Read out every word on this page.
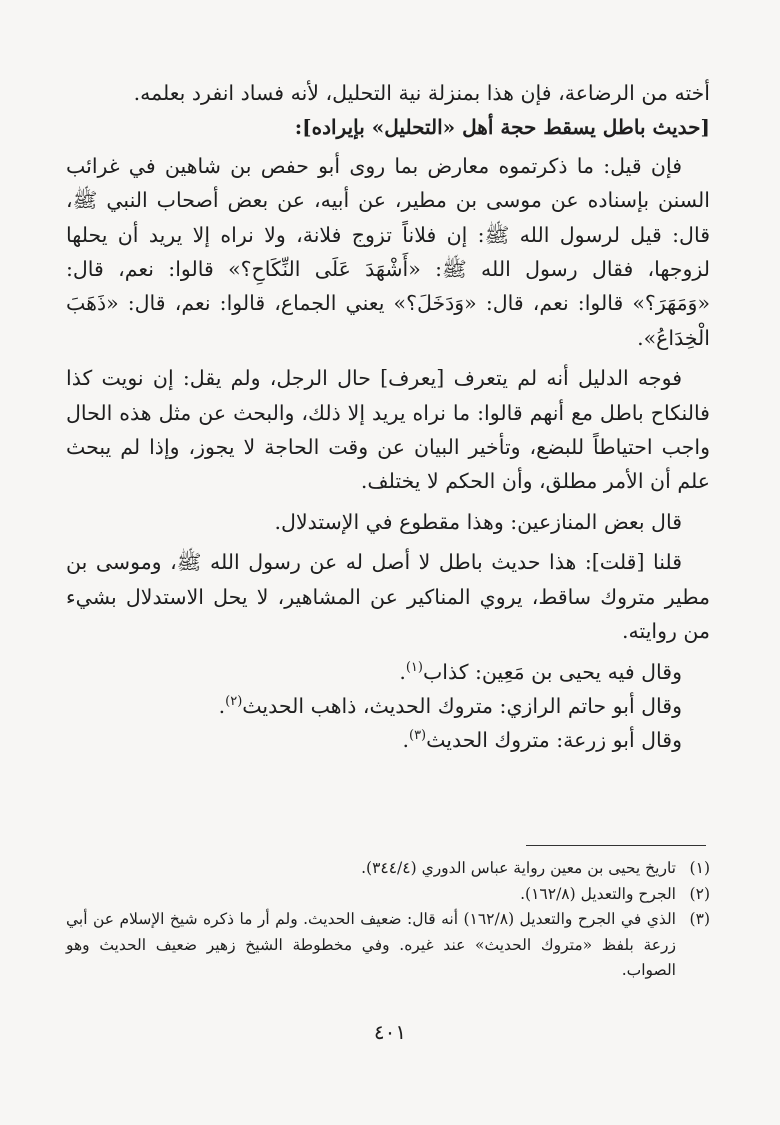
أخته من الرضاعة، فإن هذا بمنزلة نية التحليل، لأنه فساد انفرد بعلمه.

[حديث باطل يسقط حجة أهل «التحليل» بإيراده]:

فإن قيل: ما ذكرتموه معارض بما روى أبو حفص بن شاهين في غرائب السنن بإسناده عن موسى بن مطير، عن أبيه، عن بعض أصحاب النبي ﷺ، قال: قيل لرسول الله ﷺ: إن فلاناً تزوج فلانة، ولا نراه إلا يريد أن يحلها لزوجها، فقال رسول الله ﷺ: «أَشْهَدَ عَلَى النِّكَاحِ؟» قالوا: نعم، قال: «وَمَهَرَ؟» قالوا: نعم، قال: «وَدَخَلَ؟» يعني الجماع، قالوا: نعم، قال: «ذَهَبَ الْخِدَاعُ».

فوجه الدليل أنه لم يتعرف [يعرف] حال الرجل، ولم يقل: إن نويت كذا فالنكاح باطل مع أنهم قالوا: ما نراه يريد إلا ذلك، والبحث عن مثل هذه الحال واجب احتياطاً للبضع، وتأخير البيان عن وقت الحاجة لا يجوز، وإذا لم يبحث علم أن الأمر مطلق، وأن الحكم لا يختلف.

قال بعض المنازعين: وهذا مقطوع في الإستدلال.

قلنا [قلت]: هذا حديث باطل لا أصل له عن رسول الله ﷺ، وموسى بن مطير متروك ساقط، يروي المناكير عن المشاهير، لا يحل الاستدلال بشيء من روايته.

وقال فيه يحيى بن مَعِين: كذاب$^{(١)}$.

وقال أبو حاتم الرازي: متروك الحديث، ذاهب الحديث$^{(٢)}$.

وقال أبو زرعة: متروك الحديث$^{(٣)}$.

(١)
تاريخ يحيى بن معين رواية عباس الدوري (٣٤٤/٤).
(٢)
الجرح والتعديل (١٦٢/٨).
(٣)
الذي في الجرح والتعديل (١٦٢/٨) أنه قال: ضعيف الحديث. ولم أر ما ذكره شيخ الإسلام عن أبي زرعة بلفظ «متروك الحديث» عند غيره. وفي مخطوطة الشيخ زهير ضعيف الحديث وهو الصواب.
٤٠١
